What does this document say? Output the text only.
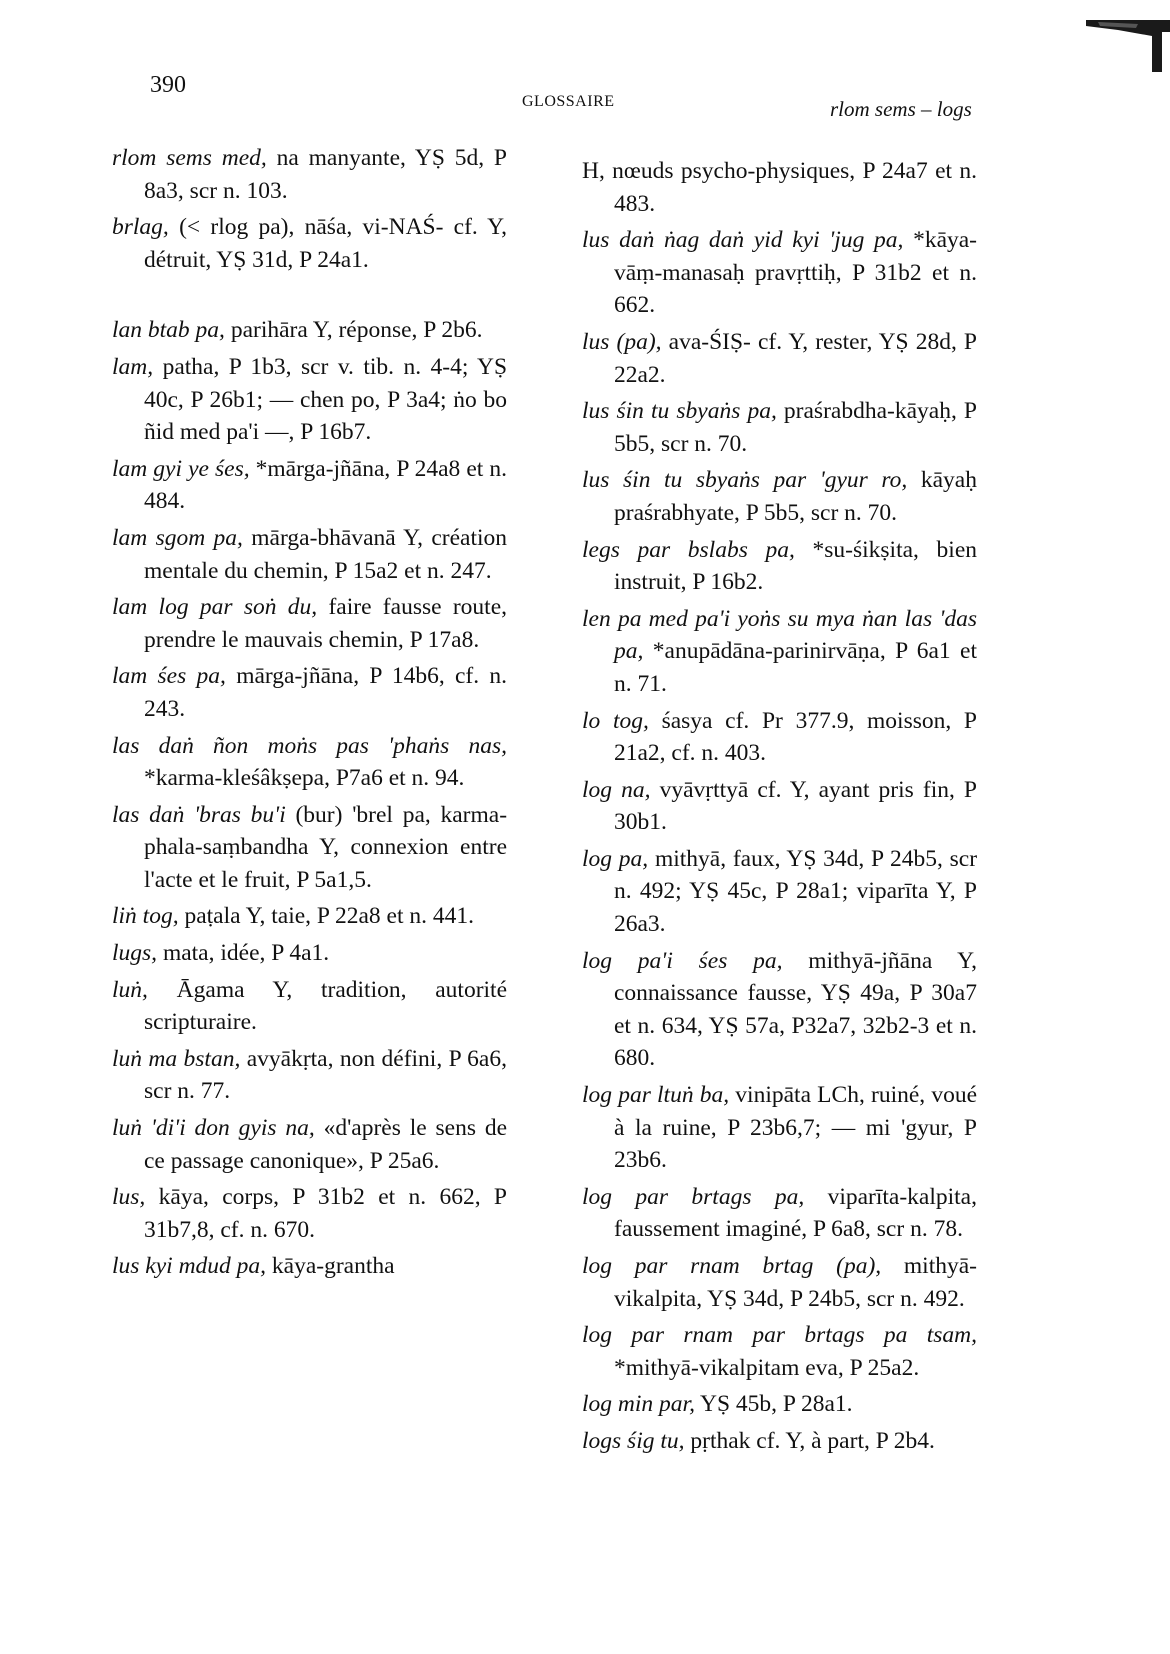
390
GLOSSAIRE	rlom sems – logs

rlom sems med, na manyante, YṢ 5d, P 8a3, scr n. 103.

brlag, (< rlog pa), nāśa, vi-NAŚ- cf. Y, détruit, YṢ 31d, P 24a1.

lan btab pa, parihāra Y, réponse, P 2b6.

lam, patha, P 1b3, scr v. tib. n. 4-4; YṢ 40c, P 26b1; — chen po, P 3a4; ṅo bo ñid med pa'i —, P 16b7.

lam gyi ye śes, *mārga-jñāna, P 24a8 et n. 484.

lam sgom pa, mārga-bhāvanā Y, création mentale du chemin, P 15a2 et n. 247.

lam log par soṅ du, faire fausse route, prendre le mauvais chemin, P 17a8.

lam śes pa, mārga-jñāna, P 14b6, cf. n. 243.

las daṅ ñon moṅs pas 'phaṅs nas, *karma-kleśâkṣepa, P7a6 et n. 94.

las daṅ 'bras bu'i (bur) 'brel pa, karma-phala-saṃbandha Y, connexion entre l'acte et le fruit, P 5a1,5.

liṅ tog, paṭala Y, taie, P 22a8 et n. 441.

lugs, mata, idée, P 4a1.

luṅ, Āgama Y, tradition, autorité scripturaire.

luṅ ma bstan, avyākṛta, non défini, P 6a6, scr n. 77.

luṅ 'di'i don gyis na, «d'après le sens de ce passage canonique», P 25a6.

lus, kāya, corps, P 31b2 et n. 662, P 31b7,8, cf. n. 670.

lus kyi mdud pa, kāya-grantha

H, nœuds psycho-physiques, P 24a7 et n. 483.

lus daṅ ṅag daṅ yid kyi 'jug pa, *kāya-vāṃ-manasaḥ pravṛttiḥ, P 31b2 et n. 662.

lus (pa), ava-ŚIṢ- cf. Y, rester, YṢ 28d, P 22a2.

lus śin tu sbyaṅs pa, praśrabdha-kāyaḥ, P 5b5, scr n. 70.

lus śin tu sbyaṅs par 'gyur ro, kāyaḥ praśrabhyate, P 5b5, scr n. 70.

legs par bslabs pa, *su-śikṣita, bien instruit, P 16b2.

len pa med pa'i yoṅs su mya ṅan las 'das pa, *anupādāna-parinirvāṇa, P 6a1 et n. 71.

lo tog, śasya cf. Pr 377.9, moisson, P 21a2, cf. n. 403.

log na, vyāvṛttyā cf. Y, ayant pris fin, P 30b1.

log pa, mithyā, faux, YṢ 34d, P 24b5, scr n. 492; YṢ 45c, P 28a1; viparīta Y, P 26a3.

log pa'i śes pa, mithyā-jñāna Y, connaissance fausse, YṢ 49a, P 30a7 et n. 634, YṢ 57a, P32a7, 32b2-3 et n. 680.

log par ltuṅ ba, vinipāta LCh, ruiné, voué à la ruine, P 23b6,7; — mi 'gyur, P 23b6.

log par brtags pa, viparīta-kalpita, faussement imaginé, P 6a8, scr n. 78.

log par rnam brtag (pa), mithyā-vikalpita, YṢ 34d, P 24b5, scr n. 492.

log par rnam par brtags pa tsam, *mithyā-vikalpitam eva, P 25a2.

log min par, YṢ 45b, P 28a1.

logs śig tu, pṛthak cf. Y, à part, P 2b4.
